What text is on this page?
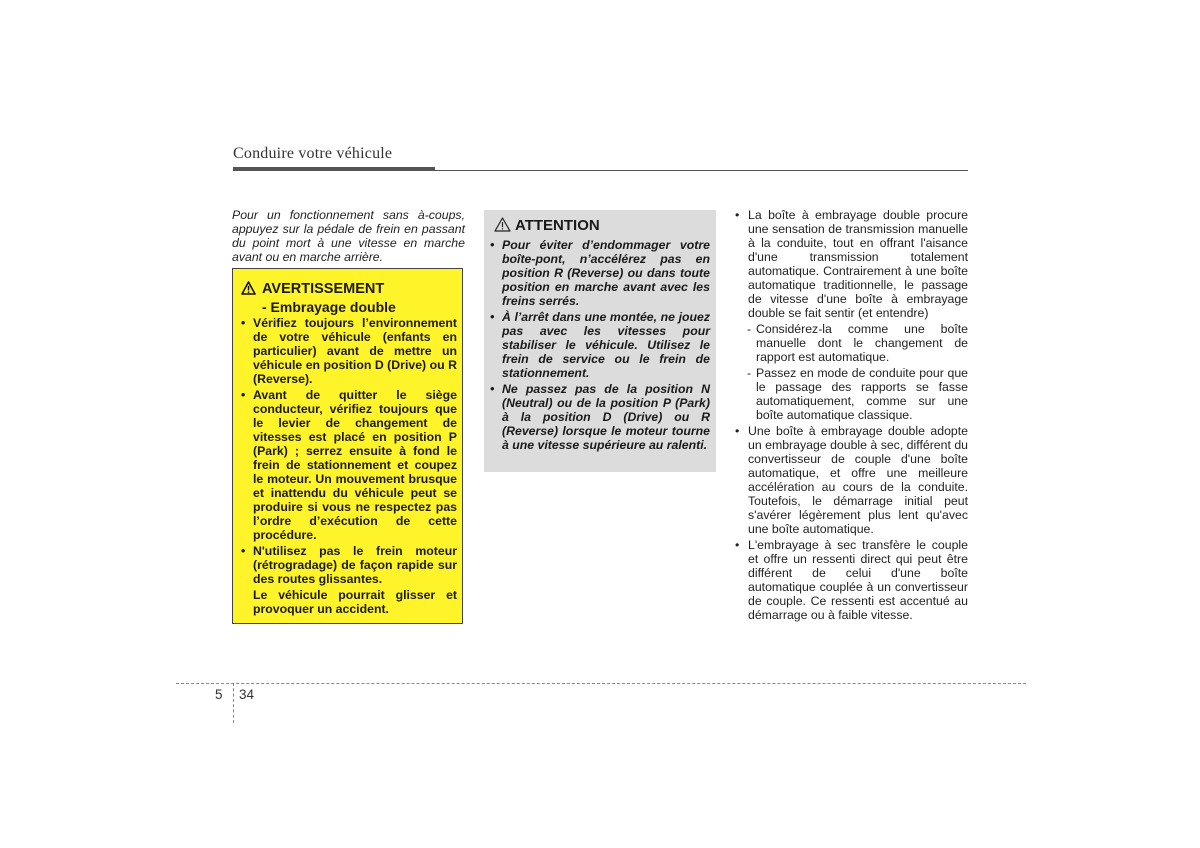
Conduire votre véhicule
Pour un fonctionnement sans à-coups, appuyez sur la pédale de frein en passant du point mort à une vitesse en marche avant ou en marche arrière.
AVERTISSEMENT
- Embrayage double
• Vérifiez toujours l’environnement de votre véhicule (enfants en particulier) avant de mettre un véhicule en position D (Drive) ou R (Reverse).
• Avant de quitter le siège conducteur, vérifiez toujours que le levier de changement de vitesses est placé en position P (Park) ; serrez ensuite à fond le frein de stationnement et coupez le moteur. Un mouvement brusque et inattendu du véhicule peut se produire si vous ne respectez pas l’ordre d’exécution de cette procédure.
• N'utilisez pas le frein moteur (rétrogradage) de façon rapide sur des routes glissantes.
Le véhicule pourrait glisser et provoquer un accident.
ATTENTION
• Pour éviter d’endommager votre boîte-pont, n’accélérez pas en position R (Reverse) ou dans toute position en marche avant avec les freins serrés.
• À l’arrêt dans une montée, ne jouez pas avec les vitesses pour stabiliser le véhicule. Utilisez le frein de service ou le frein de stationnement.
• Ne passez pas de la position N (Neutral) ou de la position P (Park) à la position D (Drive) ou R (Reverse) lorsque le moteur tourne à une vitesse supérieure au ralenti.
• La boîte à embrayage double procure une sensation de transmission manuelle à la conduite, tout en offrant l'aisance d'une transmission totalement automatique. Contrairement à une boîte automatique traditionnelle, le passage de vitesse d'une boîte à embrayage double se fait sentir (et entendre)
- Considérez-la comme une boîte manuelle dont le changement de rapport est automatique.
- Passez en mode de conduite pour que le passage des rapports se fasse automatiquement, comme sur une boîte automatique classique.
• Une boîte à embrayage double adopte un embrayage double à sec, différent du convertisseur de couple d'une boîte automatique, et offre une meilleure accélération au cours de la conduite. Toutefois, le démarrage initial peut s'avérer légèrement plus lent qu'avec une boîte automatique.
• L'embrayage à sec transfère le couple et offre un ressenti direct qui peut être différent de celui d'une boîte automatique couplée à un convertisseur de couple. Ce ressenti est accentué au démarrage ou à faible vitesse.
5 34
